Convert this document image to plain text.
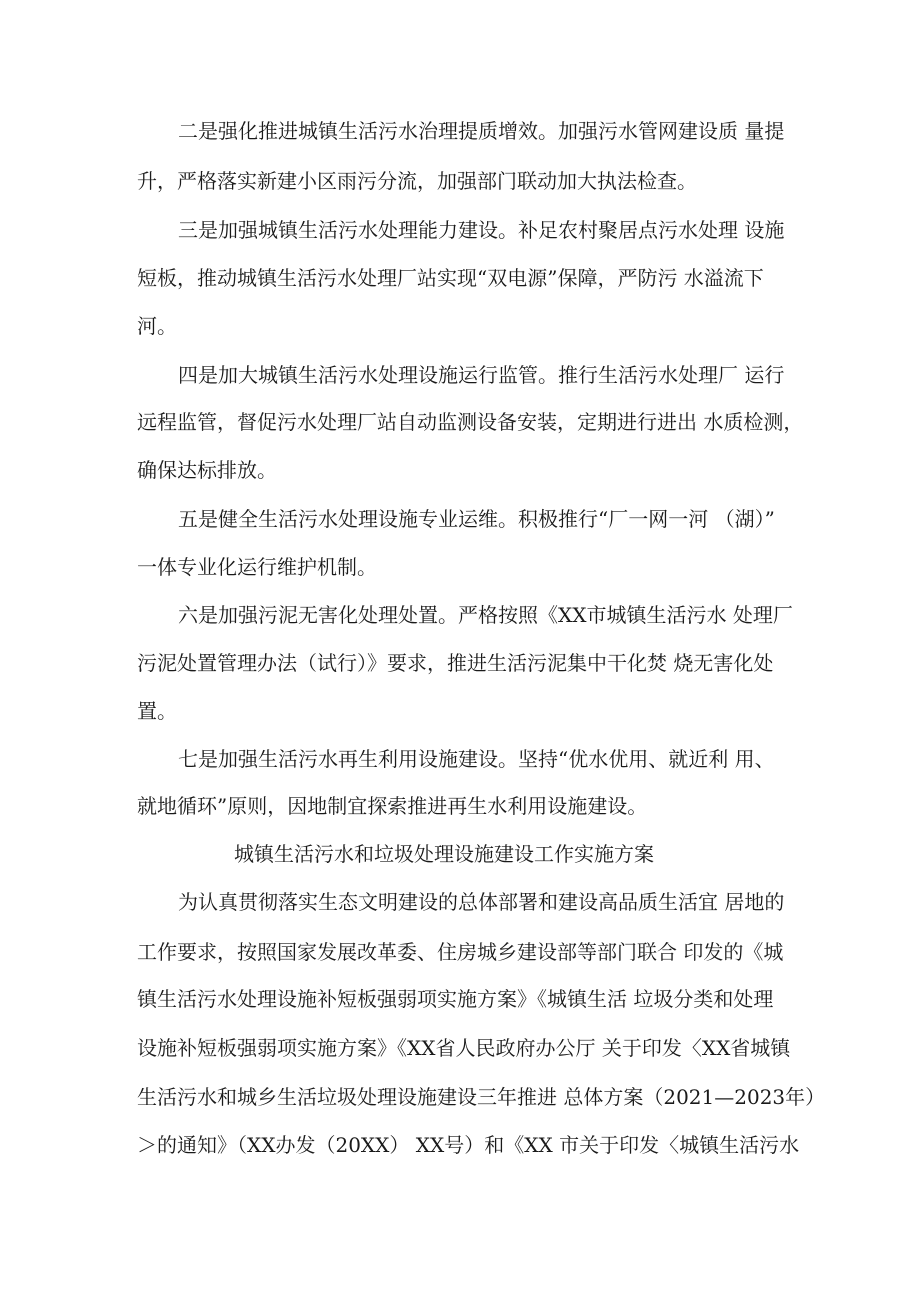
二是强化推进城镇生活污水治理提质增效。加强污水管网建设质 量提

升，严格落实新建小区雨污分流，加强部门联动加大执法检查。

三是加强城镇生活污水处理能力建设。补足农村聚居点污水处理 设施

短板，推动城镇生活污水处理厂站实现“双电源”保障，严防污 水溢流下

河。

四是加大城镇生活污水处理设施运行监管。推行生活污水处理厂 运行

远程监管，督促污水处理厂站自动监测设备安装，定期进行进出 水质检测，

确保达标排放。

五是健全生活污水处理设施专业运维。积极推行“厂一网一河 （湖）”

一体专业化运行维护机制。

六是加强污泥无害化处理处置。严格按照《XX市城镇生活污水 处理厂

污泥处置管理办法（试行）》要求，推进生活污泥集中干化焚 烧无害化处

置。

七是加强生活污水再生利用设施建设。坚持“优水优用、就近利 用、

就地循环”原则，因地制宜探索推进再生水利用设施建设。

城镇生活污水和垃圾处理设施建设工作实施方案

为认真贯彻落实生态文明建设的总体部署和建设高品质生活宜 居地的

工作要求，按照国家发展改革委、住房城乡建设部等部门联合 印发的《城

镇生活污水处理设施补短板强弱项实施方案》《城镇生活 垃圾分类和处理

设施补短板强弱项实施方案》《XX省人民政府办公厅 关于印发〈XX省城镇

生活污水和城乡生活垃圾处理设施建设三年推进 总体方案（2021—2023年）

＞的通知》（XX办发（20XX） XX号）和《XX 市关于印发〈城镇生活污水
